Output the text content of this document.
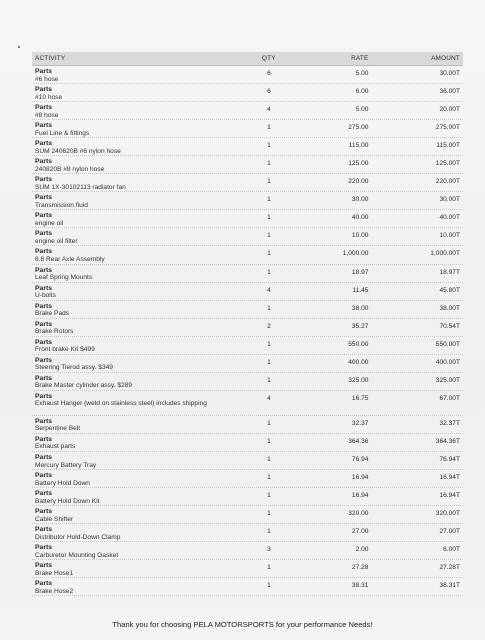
ACTIVITY	QTY	RATE	AMOUNT
Parts
#6 hose
6	5.00	30.00T
Parts
#10 hose
6	6.00	36.00T
Parts
#8 hose
4	5.00	20.00T
Parts
Fuel Line & fittings
1	275.00	275.00T
Parts
SUM 240620B #6 nylon hose
1	115.00	115.00T
Parts
240820B #8 nylon hose
1	125.00	125.00T
Parts
SUM 1X-30102113 radiator fan
1	220.00	220.00T
Parts
Transmission fluid
1	30.00	30.00T
Parts
engine oil
1	40.00	40.00T
Parts
engine oil filter
1	10.00	10.00T
Parts
8.8 Rear Axle Assembly
1	1,000.00	1,000.00T
Parts
Leaf Spring Mounts
1	18.97	18.97T
Parts
U-bolts
4	11.45	45.80T
Parts
Brake Pads
1	38.00	38.00T
Parts
Brake Rotors
2	35.27	70.54T
Parts
Front brake Kit $499
1	550.00	550.00T
Parts
Steering Tierod assy. $349
1	400.00	400.00T
Parts
Brake Master cylinder assy. $289
1	325.00	325.00T
Parts
Exhaust Hanger (weld on stainless steel) includes shipping
4	16.75	67.00T
Parts
Serpentine Belt
1	32.37	32.37T
Parts
Exhaust parts
1	364.36	364.36T
Parts
Mercury Battery Tray
1	76.94	76.94T
Parts
Battery Hold Down
1	16.94	16.94T
Parts
Battery Hold Down Kit
1	16.94	16.94T
Parts
Cable Shifter
1	320.00	320.00T
Parts
Distributor Hold-Down Clamp
1	27.00	27.00T
Parts
Carburetor Mounting Gasket
3	2.00	6.00T
Parts
Brake Hose1
1	27.28	27.28T
Parts
Brake Hose2
1	38.31	38.31T
Thank you for choosing PELA MOTORSPORTS for your performance Needs!
